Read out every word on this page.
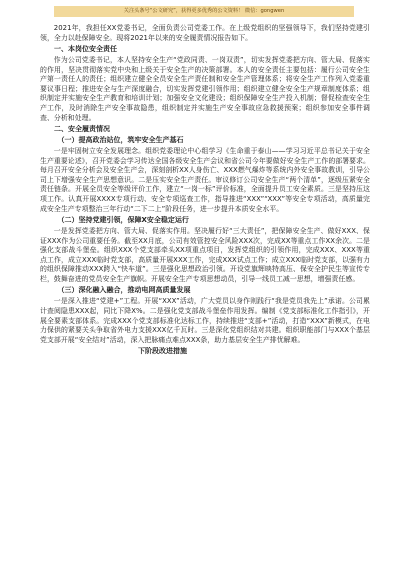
关注头条号“公文研究”，获得更多优秀的公文资料！ 微信：gongwen

2021年，我担任XX党委书记，全面负责公司党委工作。在上级党组织的坚强领导下，我们坚持党建引领，全力以赴保障安全。现将2021年以来的安全履责情况报告如下。

一、本岗位安全责任

作为公司党委书记，本人坚持安全生产“党政同责、一岗双责”，切实发挥党委把方向、管大局、促落实的作用，坚决贯彻落实党中央和上级关于安全生产的决策部署。本人的安全责任主要包括：履行公司安全生产第一责任人的责任；组织建立健全全员安全生产责任制和安全生产管理体系；将安全生产工作列入党委重要议事日程；推进安全与生产深度融合，切实发挥党建引领作用；组织建立健全安全生产规章制度体系；组织制定并实施安全生产教育和培训计划；加强安全文化建设；组织保障安全生产投入机制；督促检查安全生产工作，及时消除生产安全事故隐患，组织制定并实施生产安全事故应急救援预案；组织参加安全事件调查、分析和处理。

二、安全履责情况
（一）提高政治站位，筑牢安全生产基石

一是牢固树立安全发展理念。组织党委理论中心组学习《生命重于泰山——学习习近平总书记关于安全生产重要论述》，召开党委会学习传达全国各级安全生产会议和省公司今年要做好安全生产工作的部署要求。每月召开安全分析会及安全生产会，深刻剖析XX人身伤亡、XXX燃气爆炸等系统内外安全事故教训，引导公司上下增强安全生产思想意识。二是压实安全生产责任。审议修订公司安全生产“两个清单”，逐级压紧安全责任链条。开展全员安全等级评价工作，建立“一岗一标”评价标准，全面提升员工安全素质。三是坚持压这项工作。认真开展XXXX专项行动、安全专项巡查工作，指导推进“XXX”“XXX”等安全专项活动，高质量完成安全生产专项整治三年行动“二下二上”阶段任务，进一步提升本质安全水平。

（二）坚持党建引领，保障X安全稳定运行

一是发挥党委把方向、管大局、促落实作用。坚决履行好“三大责任”，把保障安全生产、做好XXX、保证XXX作为公司重要任务。截至XX月底，公司有效管控安全风险XXX次，完成XX等重点工作XX余次。二是强化支部战斗堡垒。组织XXX个党支部牵头XX项重点项目，发挥党组织的引领作用，完成XXX、XXX等重点工作，成立XXX临时党支部，高质量开展XXX工作，完成XXX试点工作；成立XXX临时党支部，以强有力的组织保障推动XXX跨入“快车道”。三是强化思想政治引领。开设党旗辉映特高压、保安全护民生等宣传专栏，鼓舞奋进的党员安全生产旗帜。开展安全生产专项思想动员，引导一线员工减一思想，增强责任感。

（三）深化融入融合，推动电网高质量发展

一是深入推进“党建+”工程。开展“XXX”活动，广大党员以身作则践行“我是党员我先上”承诺。公司累计查阅隐患XXX起，同比下降X%。二是强化党支部战斗堡垒作用发挥。编制《党支部标准化工作指引》，开展全要素支部体系。完成XXX个党支部标准化达标工作，持续推进“支部+”活动，打造“XXX”新模式，在电力保供的紧要关头争取省外电力支援XXX亿千瓦时。三是深化党组织结对共建。组织职能部门与XXX个基层党支部开展“安全结对”活动，深入把脉痛点难点XXX条，助力基层安全生产排忧解难。

下阶段改进措施
